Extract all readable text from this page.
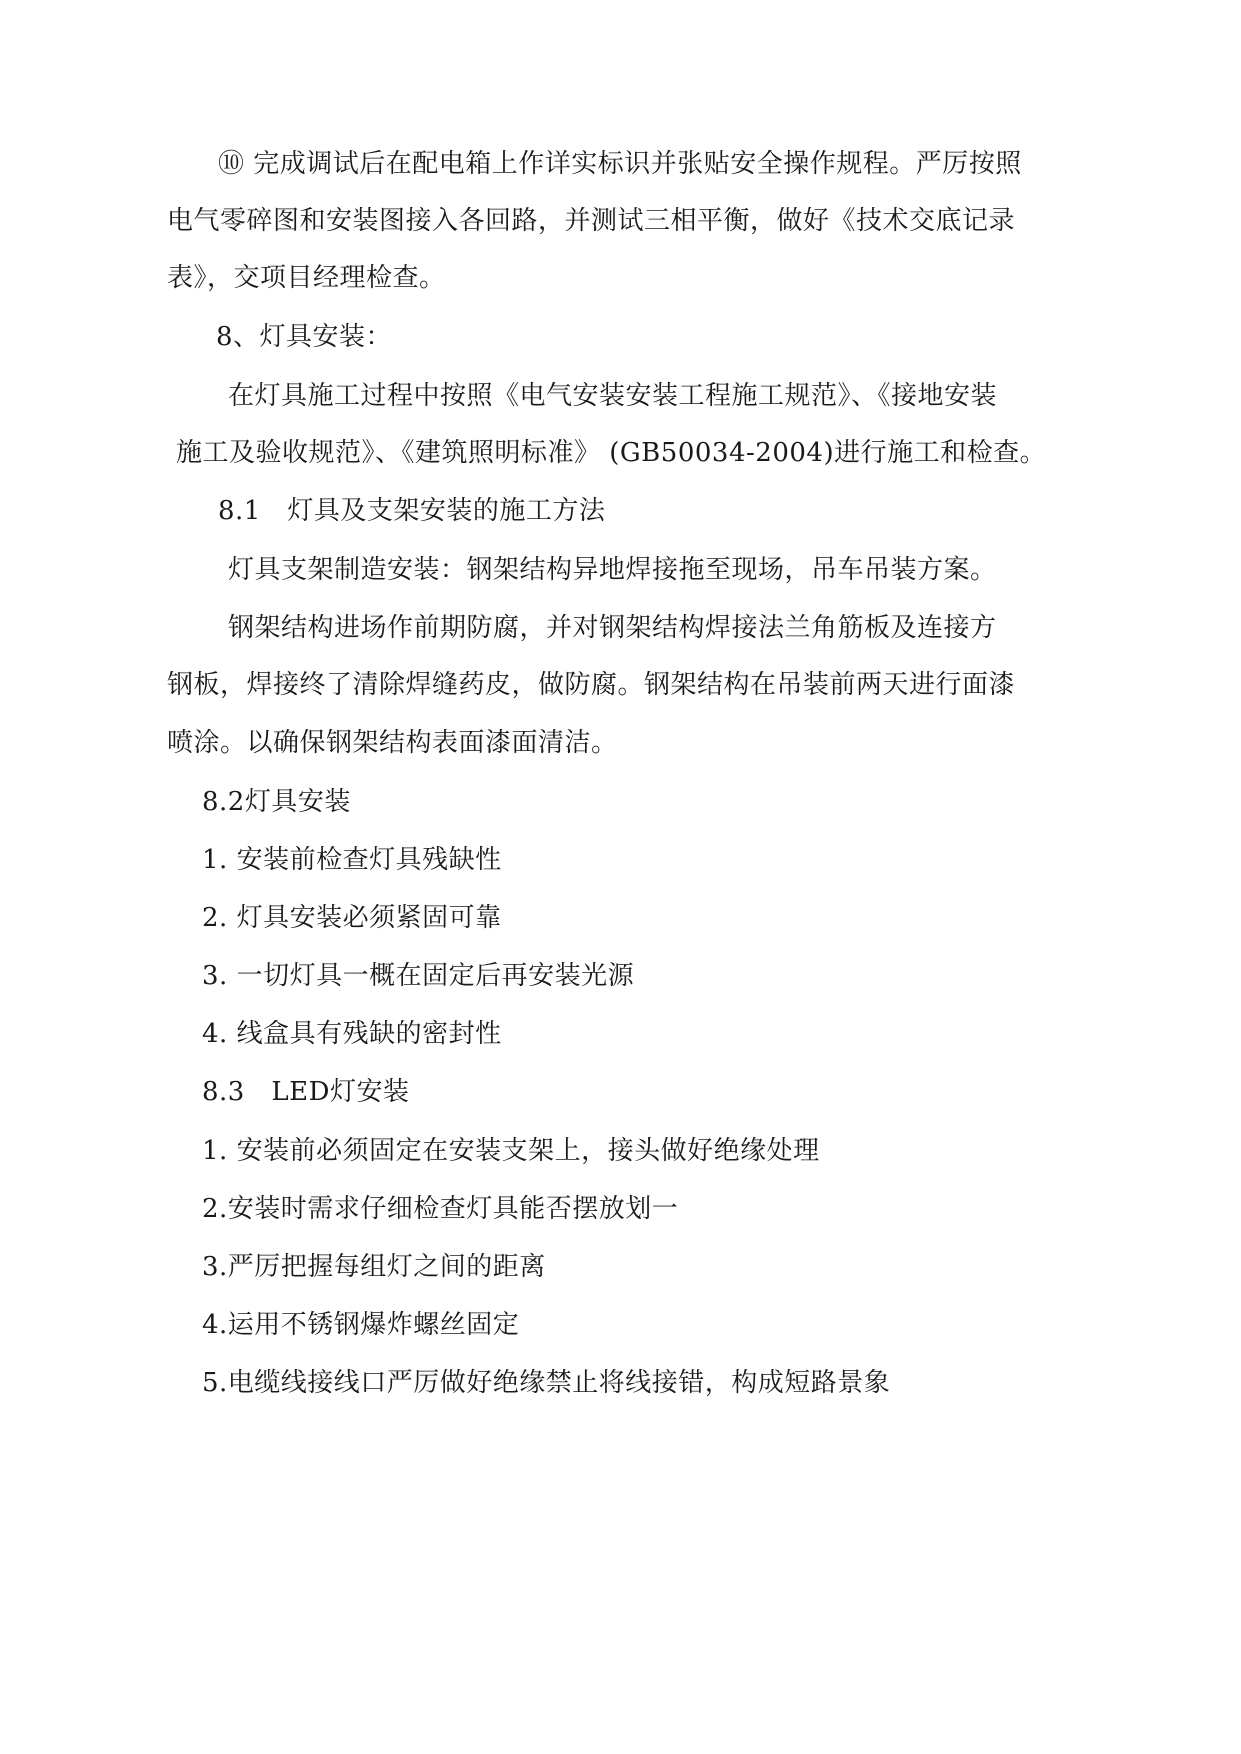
⑩ 完成调试后在配电箱上作详实标识并张贴安全操作规程。严厉按照
电气零碎图和安装图接入各回路，并测试三相平衡，做好《技术交底记录
表》，交项目经理检查。
8、灯具安装：
在灯具施工过程中按照《电气安装安装工程施工规范》、《接地安装
施工及验收规范》、《建筑照明标准》 (GB50034-2004)进行施工和检查。
8.1　灯具及支架安装的施工方法
灯具支架制造安装：钢架结构异地焊接拖至现场，吊车吊装方案。
钢架结构进场作前期防腐，并对钢架结构焊接法兰角筋板及连接方
钢板，焊接终了清除焊缝药皮，做防腐。钢架结构在吊装前两天进行面漆
喷涂。以确保钢架结构表面漆面清洁。
8.2灯具安装
1. 安装前检查灯具残缺性
2. 灯具安装必须紧固可靠
3. 一切灯具一概在固定后再安装光源
4. 线盒具有残缺的密封性
8.3　LED灯安装
1. 安装前必须固定在安装支架上，接头做好绝缘处理
2.安装时需求仔细检查灯具能否摆放划一
3.严厉把握每组灯之间的距离
4.运用不锈钢爆炸螺丝固定
5.电缆线接线口严厉做好绝缘禁止将线接错，构成短路景象
